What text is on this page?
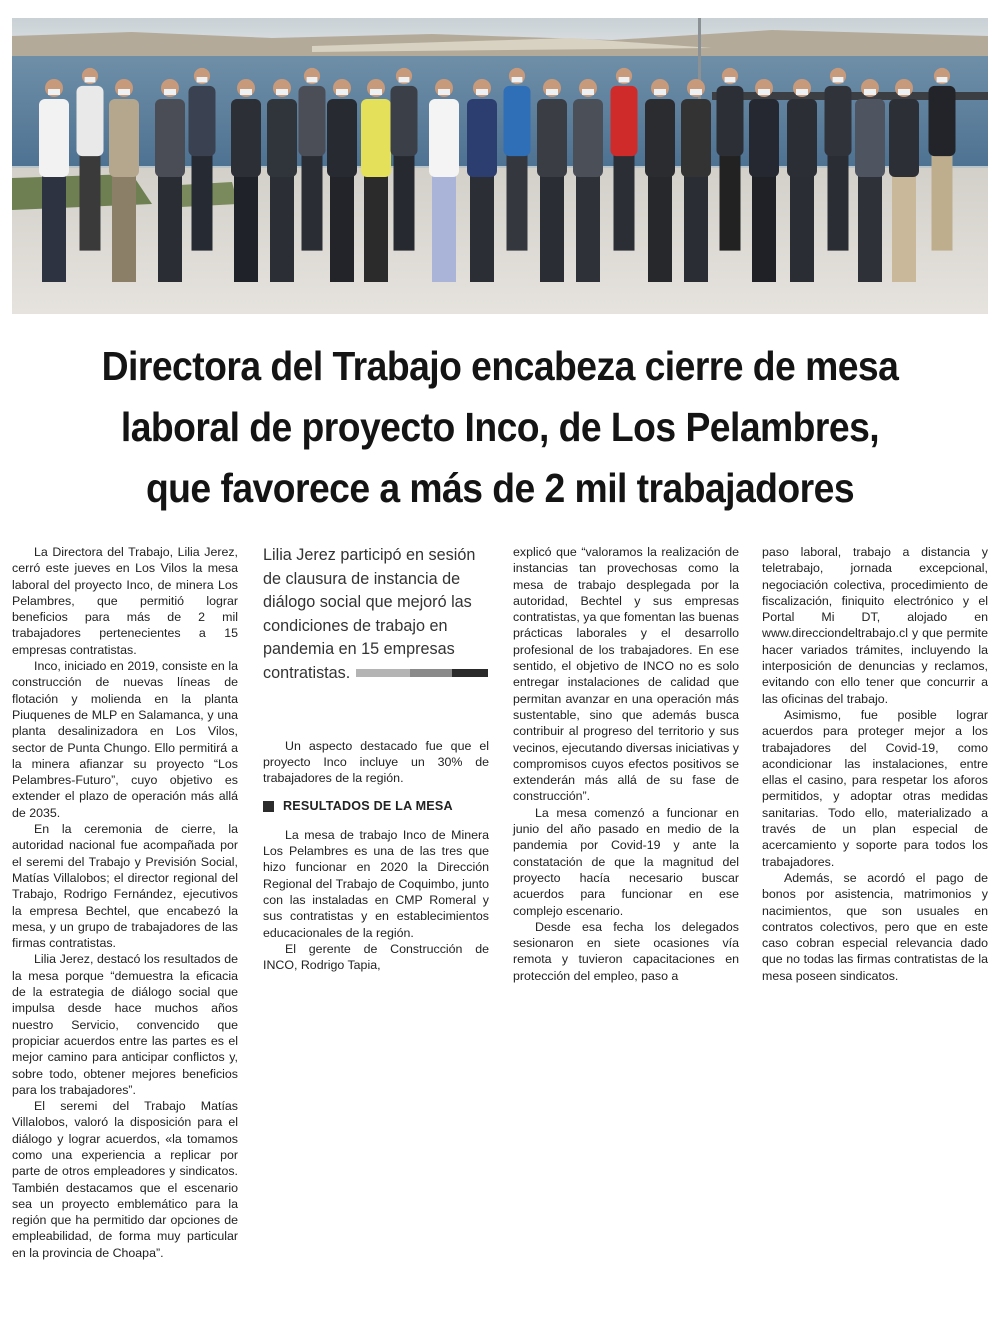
Directora del Trabajo encabeza cierre de mesa
laboral de proyecto Inco, de Los Pelambres,
que favorece a más de 2 mil trabajadores

La Directora del Trabajo, Lilia Jerez, cerró este jueves en Los Vilos la mesa laboral del proyecto Inco, de minera Los Pelambres, que permitió lograr beneficios para más de 2 mil trabajadores pertenecientes a 15 empresas contratistas.

Inco, iniciado en 2019, consiste en la construcción de nuevas líneas de flotación y molienda en la planta Piuquenes de MLP en Salamanca, y una planta desalinizadora en Los Vilos, sector de Punta Chungo. Ello permitirá a la minera afianzar su proyecto “Los Pelambres-Futuro”, cuyo objetivo es extender el plazo de operación más allá de 2035.

En la ceremonia de cierre, la autoridad nacional fue acompañada por el seremi del Trabajo y Previsión Social, Matías Villalobos; el director regional del Trabajo, Rodrigo Fernández, ejecutivos la empresa Bechtel, que encabezó la mesa, y un grupo de trabajadores de las firmas contratistas.

Lilia Jerez, destacó los resultados de la mesa porque “demuestra la eficacia de la estrategia de diálogo social que impulsa desde hace muchos años nuestro Servicio, convencido que propiciar acuerdos entre las partes es el mejor camino para anticipar conflictos y, sobre todo, obtener mejores beneficios para los trabajadores”.

El seremi del Trabajo Matías Villalobos, valoró la disposición para el diálogo y lograr acuerdos, «la tomamos como una experiencia a replicar por parte de otros empleadores y sindicatos. También destacamos que el escenario sea un proyecto emblemático para la región que ha permitido dar opciones de empleabilidad, de forma muy particular en la provincia de Choapa”.

Lilia Jerez participó en sesión de clausura de instancia de diálogo social que mejoró las condiciones de trabajo en pandemia en 15 empresas contratistas.

Un aspecto destacado fue que el proyecto Inco incluye un 30% de trabajadores de la región.

RESULTADOS DE LA MESA

La mesa de trabajo Inco de Minera Los Pelambres es una de las tres que hizo funcionar en 2020 la Dirección Regional del Trabajo de Coquimbo, junto con las instaladas en CMP Romeral y sus contratistas y en establecimientos educacionales de la región.

El gerente de Construcción de INCO, Rodrigo Tapia,

explicó que “valoramos la realización de instancias tan provechosas como la mesa de trabajo desplegada por la autoridad, Bechtel y sus empresas contratistas, ya que fomentan las buenas prácticas laborales y el desarrollo profesional de los trabajadores. En ese sentido, el objetivo de INCO no es solo entregar instalaciones de calidad que permitan avanzar en una operación más sustentable, sino que además busca contribuir al progreso del territorio y sus vecinos, ejecutando diversas iniciativas y compromisos cuyos efectos positivos se extenderán más allá de su fase de construcción”.

La mesa comenzó a funcionar en junio del año pasado en medio de la pandemia por Covid-19 y ante la constatación de que la magnitud del proyecto hacía necesario buscar acuerdos para funcionar en ese complejo escenario.

Desde esa fecha los delegados sesionaron en siete ocasiones vía remota y tuvieron capacitaciones en protección del empleo, paso a

paso laboral, trabajo a distancia y teletrabajo, jornada excepcional, negociación colectiva, procedimiento de fiscalización, finiquito electrónico y el Portal Mi DT, alojado en www.direcciondeltrabajo.cl y que permite hacer variados trámites, incluyendo la interposición de denuncias y reclamos, evitando con ello tener que concurrir a las oficinas del trabajo.

Asimismo, fue posible lograr acuerdos para proteger mejor a los trabajadores del Covid-19, como acondicionar las instalaciones, entre ellas el casino, para respetar los aforos permitidos, y adoptar otras medidas sanitarias. Todo ello, materializado a través de un plan especial de acercamiento y soporte para todos los trabajadores.

Además, se acordó el pago de bonos por asistencia, matrimonios y nacimientos, que son usuales en contratos colectivos, pero que en este caso cobran especial relevancia dado que no todas las firmas contratistas de la mesa poseen sindicatos.
